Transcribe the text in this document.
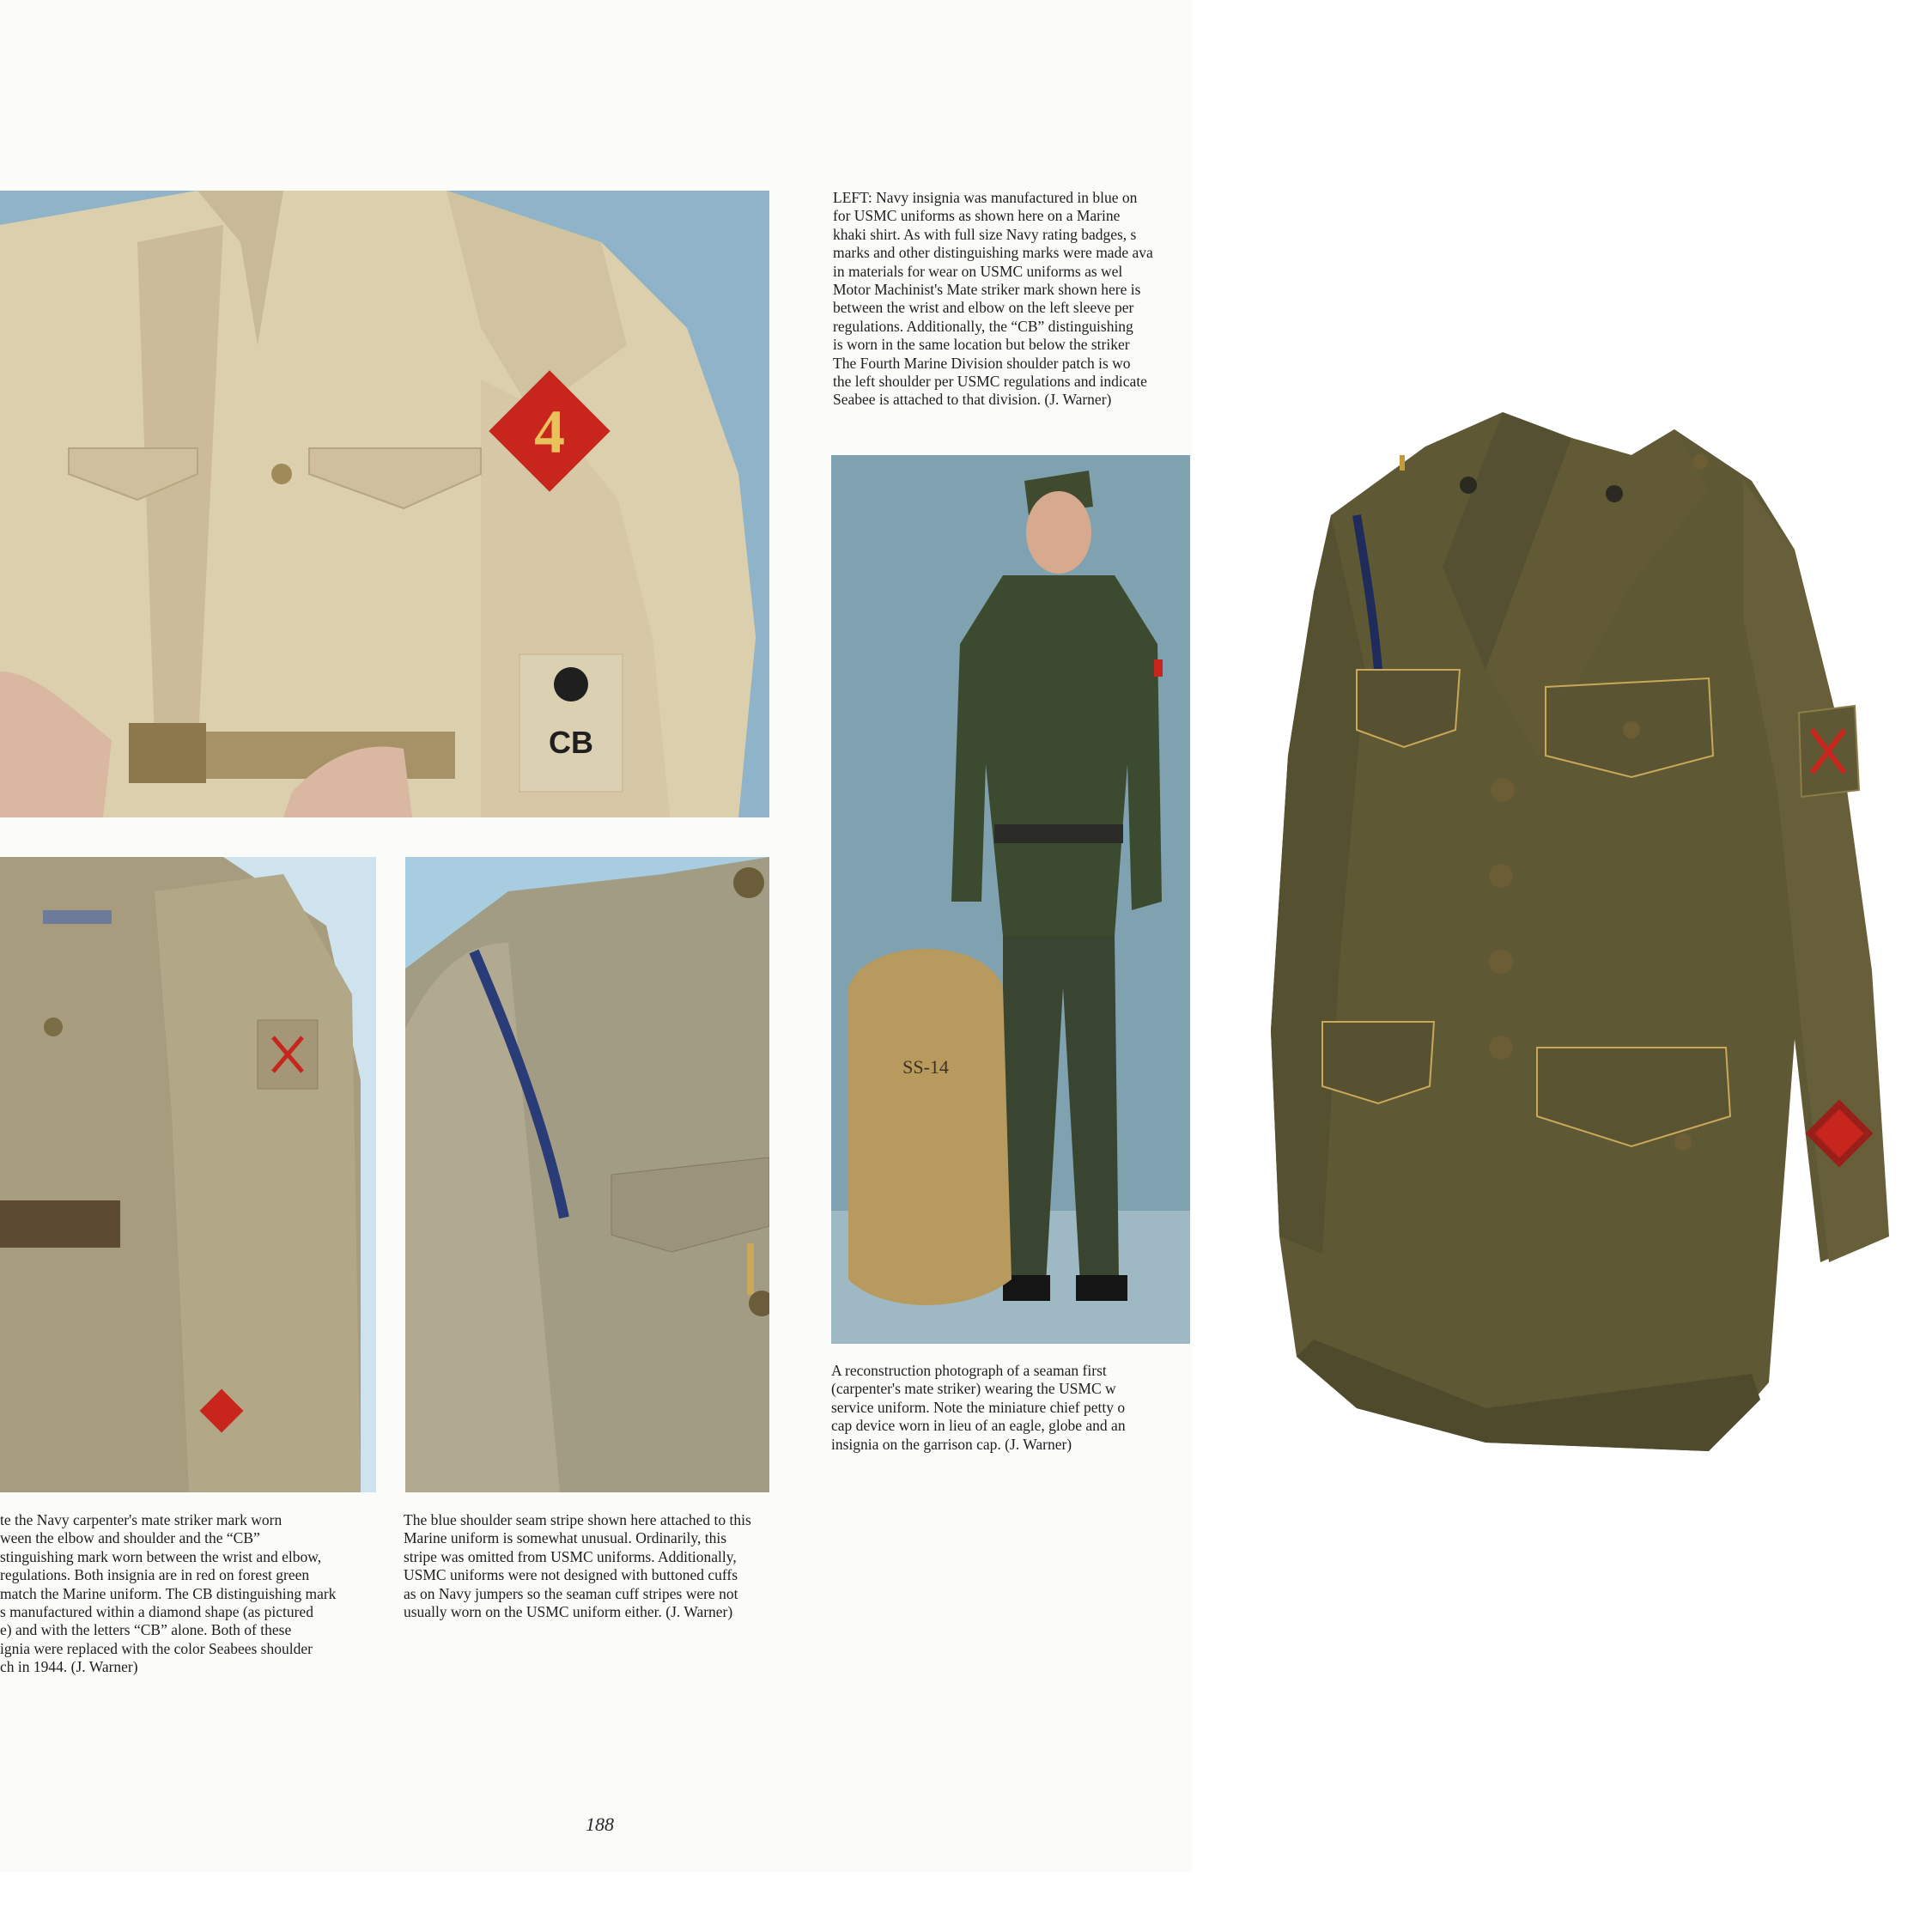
4
CB
SS-14
LEFT: Navy insignia was manufactured in blue on
for USMC uniforms as shown here on a Marine
khaki shirt. As with full size Navy rating badges, s
marks and other distinguishing marks were made ava
in materials for wear on USMC uniforms as wel
Motor Machinist's Mate striker mark shown here is
between the wrist and elbow on the left sleeve per
regulations. Additionally, the “CB” distinguishing
is worn in the same location but below the striker
The Fourth Marine Division shoulder patch is wo
the left shoulder per USMC regulations and indicate
Seabee is attached to that division. (J. Warner)
A reconstruction photograph of a seaman first
(carpenter's mate striker) wearing the USMC w
service uniform. Note the miniature chief petty o
cap device worn in lieu of an eagle, globe and an
insignia on the garrison cap. (J. Warner)
te the Navy carpenter's mate striker mark worn
ween the elbow and shoulder and the “CB”
stinguishing mark worn between the wrist and elbow,
regulations. Both insignia are in red on forest green
match the Marine uniform. The CB distinguishing mark
s manufactured within a diamond shape (as pictured
e) and with the letters “CB” alone. Both of these
ignia were replaced with the color Seabees shoulder
ch in 1944. (J. Warner)
The blue shoulder seam stripe shown here attached to this
Marine uniform is somewhat unusual. Ordinarily, this
stripe was omitted from USMC uniforms. Additionally,
USMC uniforms were not designed with buttoned cuffs
as on Navy jumpers so the seaman cuff stripes were not
usually worn on the USMC uniform either. (J. Warner)
188
